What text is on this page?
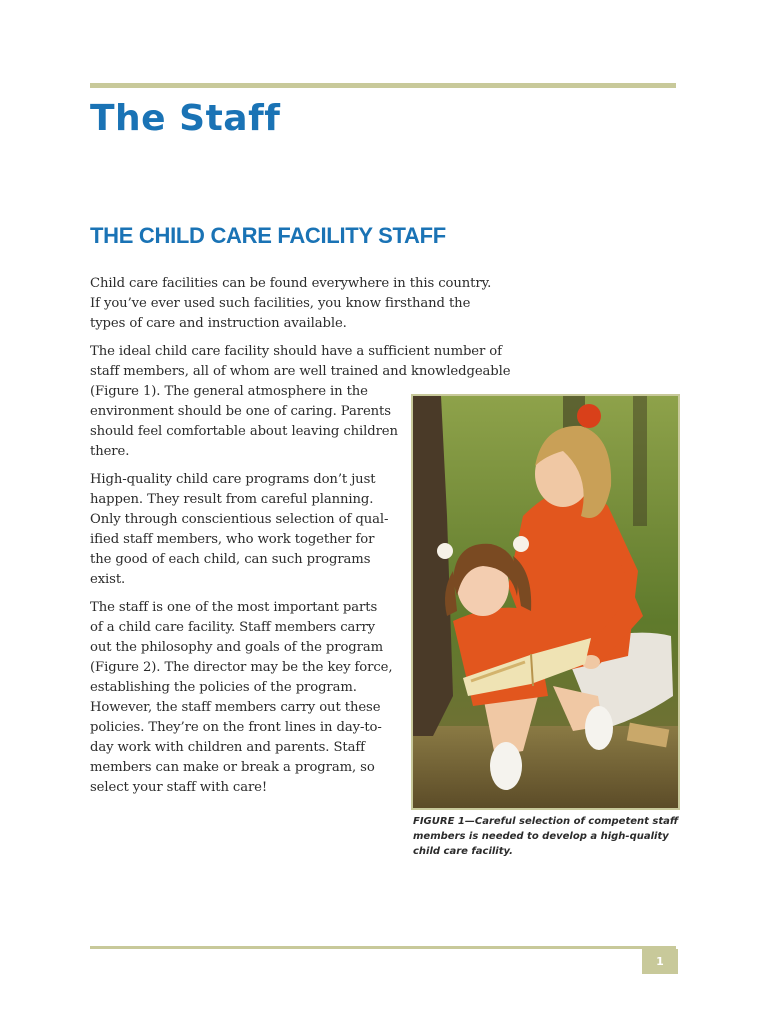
The Staff
THE CHILD CARE FACILITY STAFF

Child care facilities can be found everywhere in this country.
If you’ve ever used such facilities, you know firsthand the
types of care and instruction available.

The ideal child care facility should have a sufficient number of
staff members, all of whom are well trained and knowledgeable
(Figure 1). The general atmosphere in the
environment should be one of caring. Parents
should feel comfortable about leaving children
there.

High-quality child care programs don’t just
happen. They result from careful planning.
Only through conscientious selection of qual-
ified staff members, who work together for
the good of each child, can such programs
exist.

The staff is one of the most important parts
of a child care facility. Staff members carry
out the philosophy and goals of the program
(Figure 2). The director may be the key force,
establishing the policies of the program.
However, the staff members carry out these
policies. They’re on the front lines in day-to-
day work with children and parents. Staff
members can make or break a program, so
select your staff with care!

FIGURE 1—Careful selection of competent staff
members is needed to develop a high-quality
child care facility.

1
